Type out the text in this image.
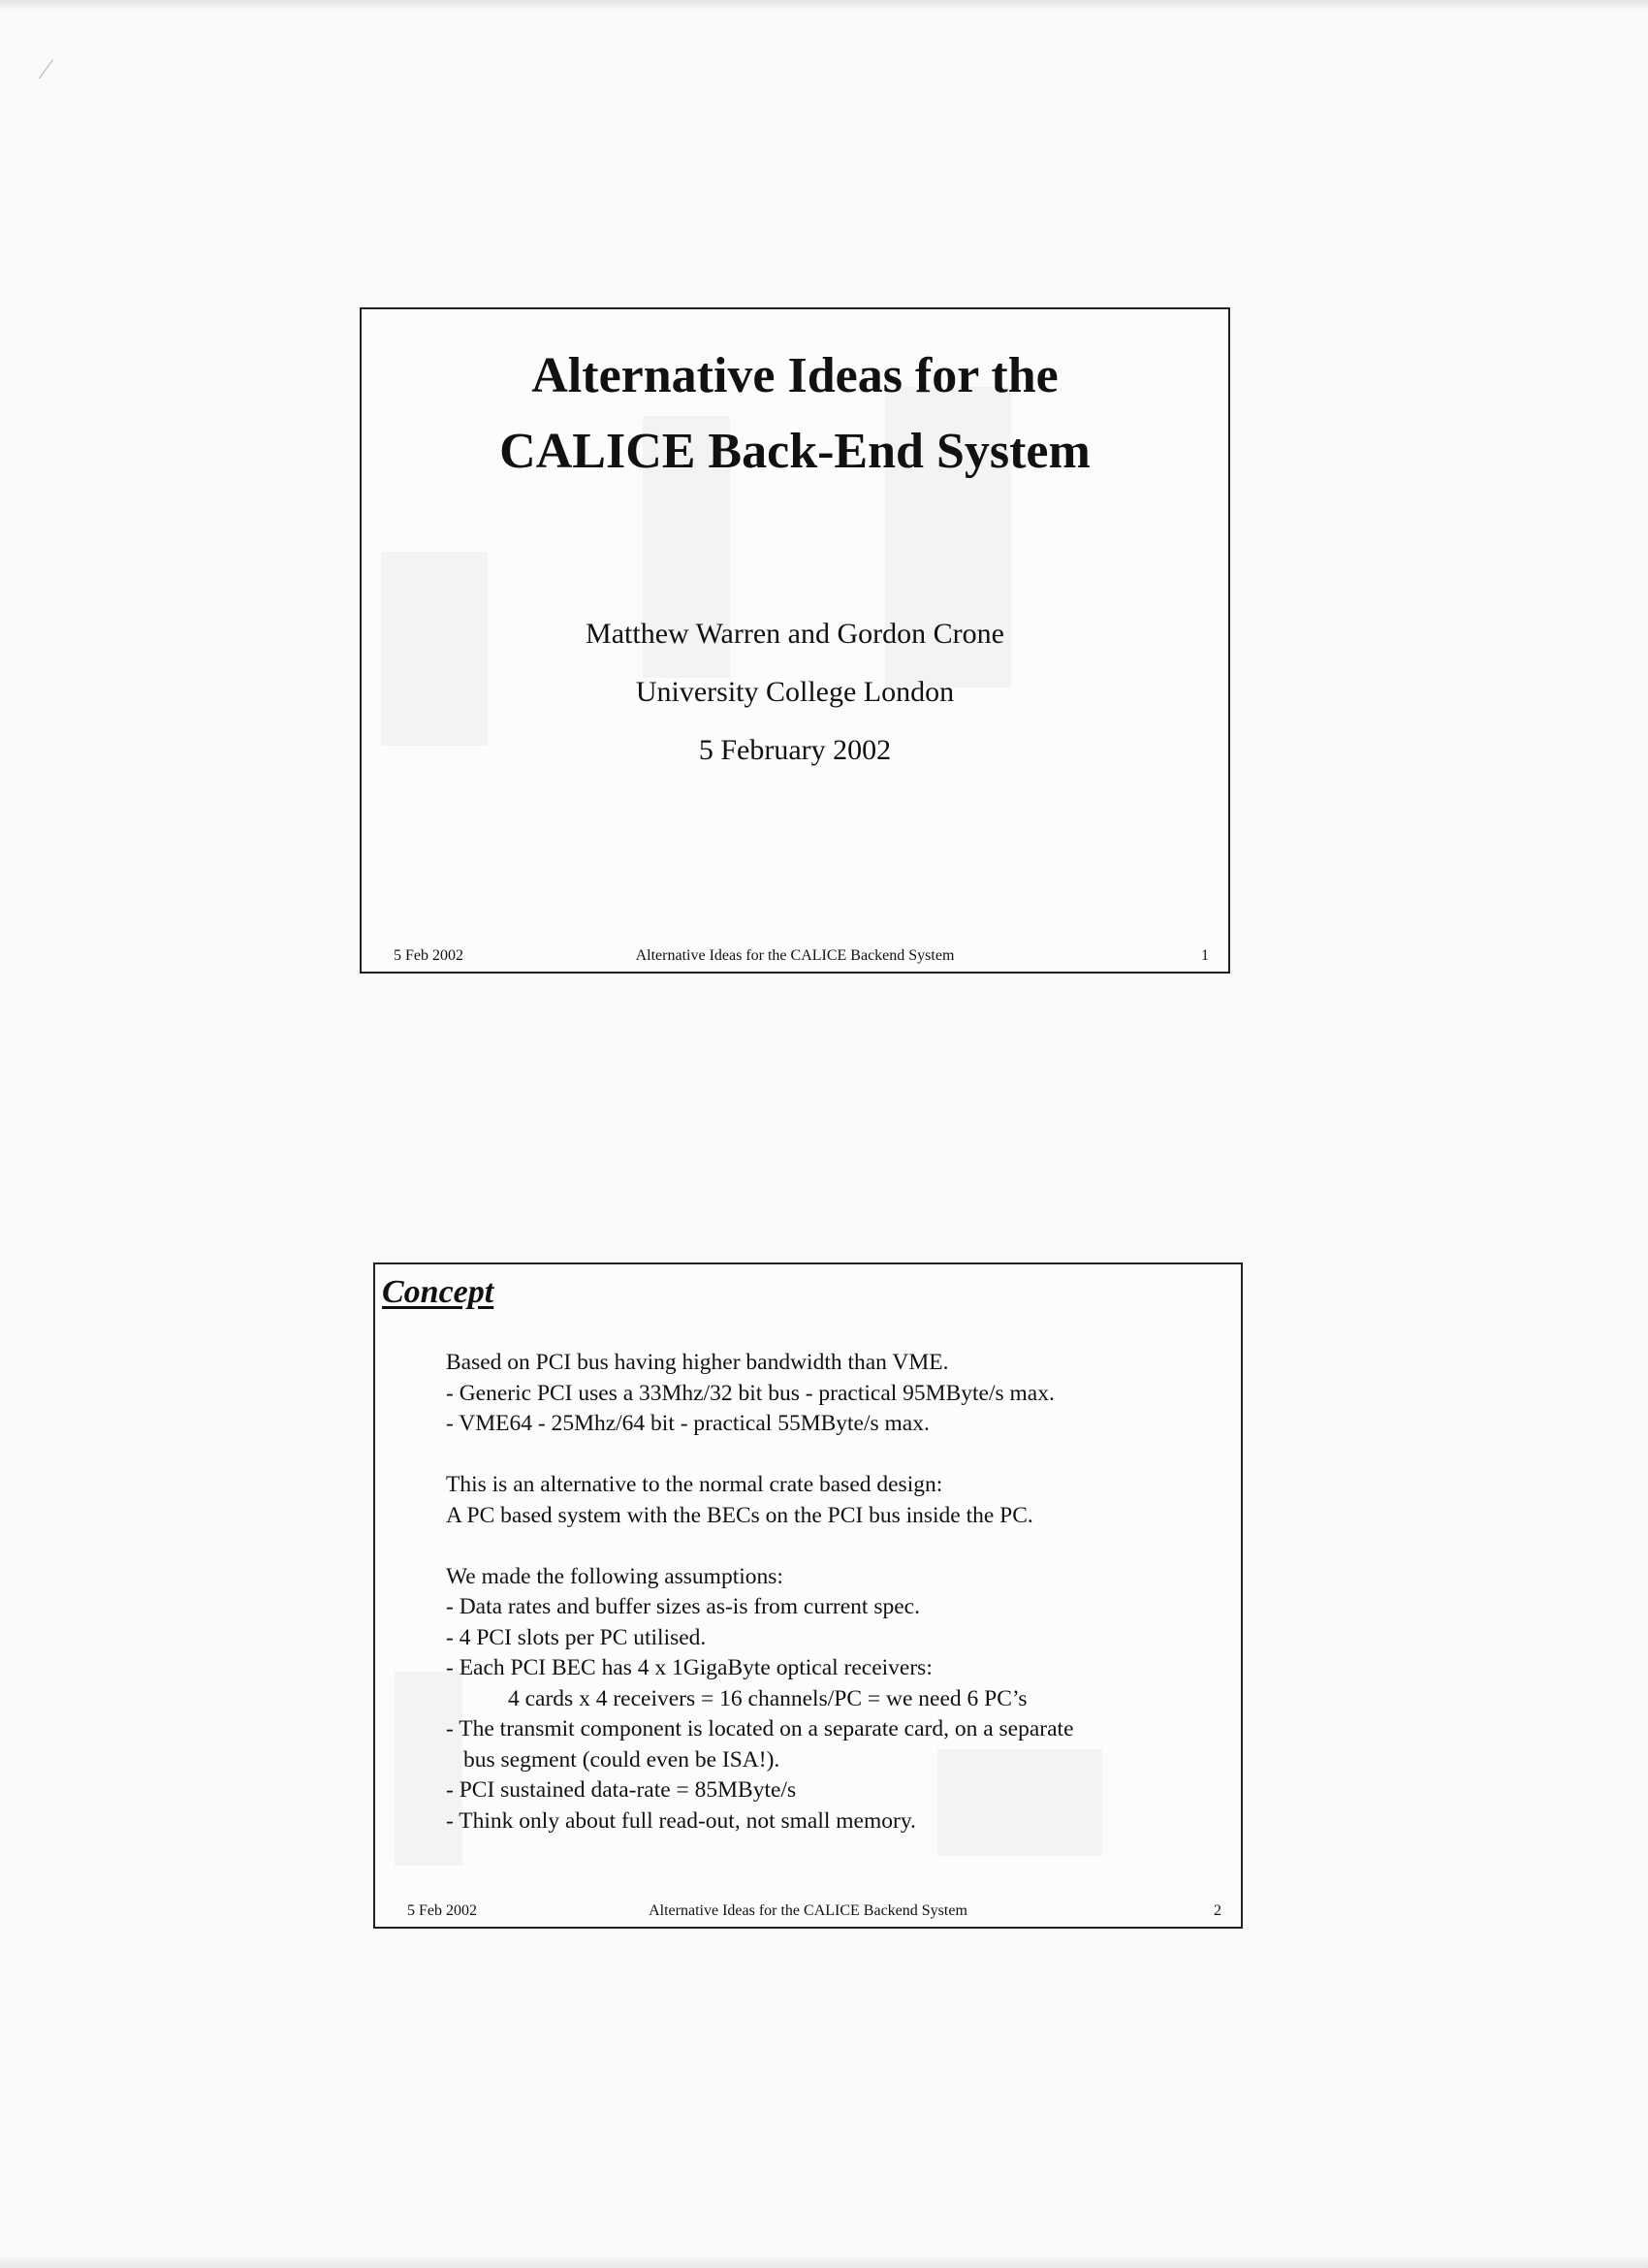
⁄
Alternative Ideas for the
CALICE Back-End System
Matthew Warren and Gordon Crone
University College London
5 February 2002
5 Feb 2002	Alternative Ideas for the CALICE Backend System	1
Concept
Based on PCI bus having higher bandwidth than VME.
- Generic PCI uses a 33Mhz/32 bit bus - practical 95MByte/s max.
- VME64 - 25Mhz/64 bit - practical 55MByte/s max.
This is an alternative to the normal crate based design:
A PC based system with the BECs on the PCI bus inside the PC.
We made the following assumptions:
- Data rates and buffer sizes as-is from current spec.
- 4 PCI slots per PC utilised.
- Each PCI BEC has 4 x 1GigaByte optical receivers:
4 cards x 4 receivers = 16 channels/PC = we need 6 PC’s
- The transmit component is located on a separate card, on a separate
bus segment (could even be ISA!).
- PCI sustained data-rate = 85MByte/s
- Think only about full read-out, not small memory.
5 Feb 2002	Alternative Ideas for the CALICE Backend System	2
